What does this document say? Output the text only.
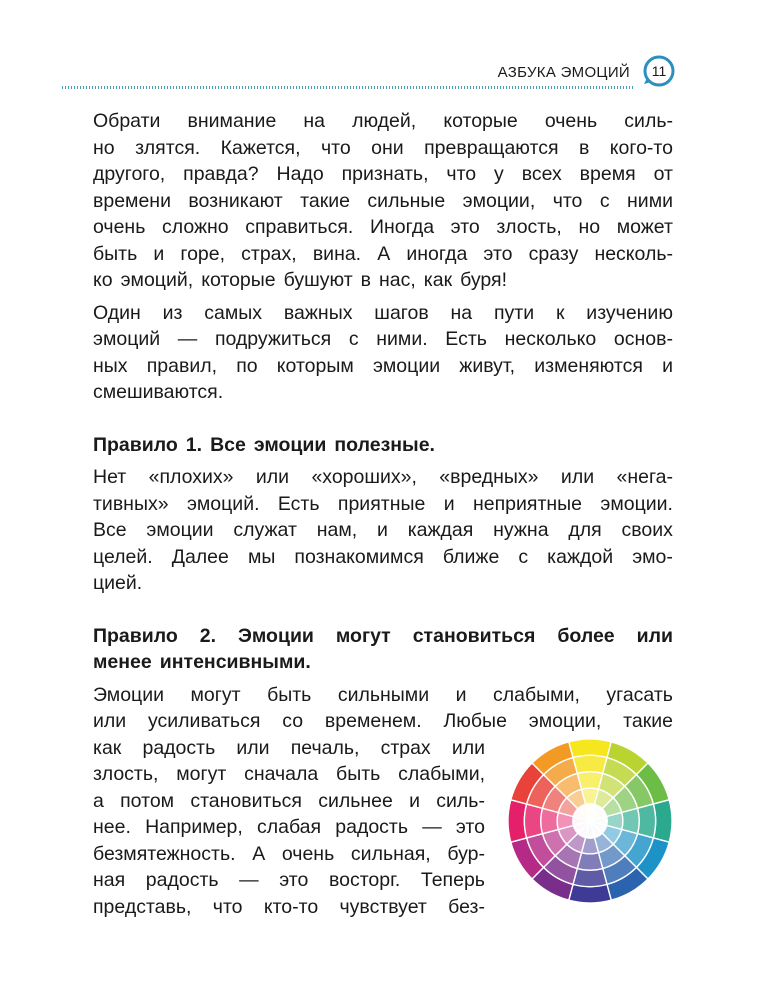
АЗБУКА ЭМОЦИЙ	11
Обрати внимание на людей, которые очень силь-
но злятся. Кажется, что они превращаются в кого-то
другого, правда? Надо признать, что у всех время от
времени возникают такие сильные эмоции, что с ними
очень сложно справиться. Иногда это злость, но может
быть и горе, страх, вина. А иногда это сразу несколь-
ко эмоций, которые бушуют в нас, как буря!
Один из самых важных шагов на пути к изучению
эмоций — подружиться с ними. Есть несколько основ-
ных правил, по которым эмоции живут, изменяются и
смешиваются.
Правило 1. Все эмоции полезные.
Нет «плохих» или «хороших», «вредных» или «нега-
тивных» эмоций. Есть приятные и неприятные эмоции.
Все эмоции служат нам, и каждая нужна для своих
целей. Далее мы познакомимся ближе с каждой эмо-
цией.
Правило 2. Эмоции могут становиться более или
менее интенсивными.
Эмоции могут быть сильными и слабыми, угасать
или усиливаться со временем. Любые эмоции, такие
как радость или печаль, страх или
злость, могут сначала быть слабыми,
а потом становиться сильнее и силь-
нее. Например, слабая радость — это
безмятежность. А очень сильная, бур-
ная радость — это восторг. Теперь
представь, что кто-то чувствует без-
